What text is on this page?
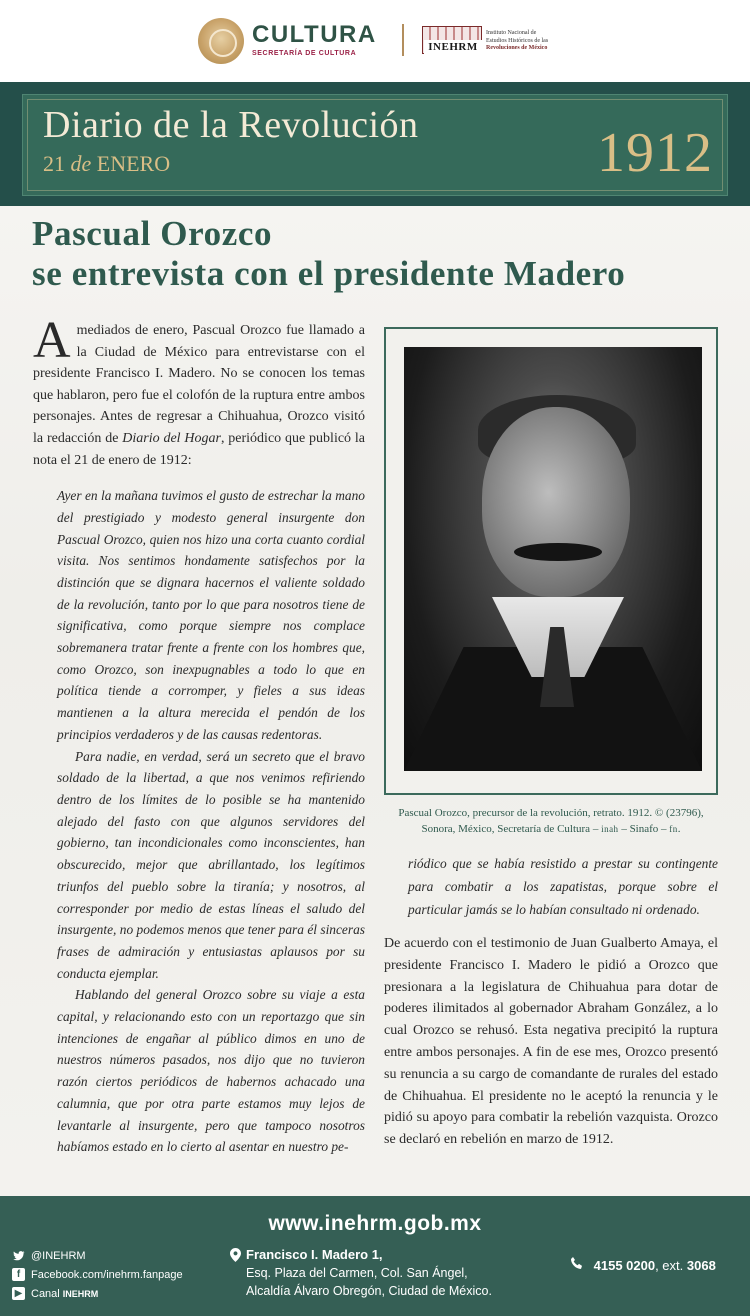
CULTURA
SECRETARÍA DE CULTURA
INEHRM
Instituto Nacional de
Estudios Históricos de las
Revoluciones de México
Diario de la Revolución
21 de ENERO	1912
Pascual Orozco
se entrevista con el presidente Madero

Amediados de enero, Pascual Orozco fue llamado a la Ciudad de México para entrevistarse con el presidente Francisco I. Madero. No se conocen los temas que hablaron, pero fue el colofón de la ruptura entre ambos personajes. Antes de regresar a Chihuahua, Orozco visitó la redacción de Diario del Hogar, periódico que publicó la nota el 21 de enero de 1912:

Ayer en la mañana tuvimos el gusto de estrechar la mano del prestigiado y modesto general insurgente don Pascual Orozco, quien nos hizo una corta cuanto cordial visita. Nos sentimos hondamente satisfechos por la distinción que se dignara hacernos el valiente soldado de la revolución, tanto por lo que para nosotros tiene de significativa, como porque siempre nos complace sobremanera tratar frente a frente con los hombres que, como Orozco, son inexpugnables a todo lo que en política tiende a corromper, y fieles a sus ideas mantienen a la altura merecida el pendón de los principios verdaderos y de las causas redentoras.

Para nadie, en verdad, será un secreto que el bravo soldado de la libertad, a que nos venimos refiriendo dentro de los límites de lo posible se ha mantenido alejado del fasto con que algunos servidores del gobierno, tan incondicionales como inconscientes, han obscurecido, mejor que abrillantado, los legítimos triunfos del pueblo sobre la tiranía; y nosotros, al corresponder por medio de estas líneas el saludo del insurgente, no podemos menos que tener para él sinceras frases de admiración y entusiastas aplausos por su conducta ejemplar.

Hablando del general Orozco sobre su viaje a esta capital, y relacionando esto con un reportazgo que sin intenciones de engañar al público dimos en uno de nuestros números pasados, nos dijo que no tuvieron razón ciertos periódicos de habernos achacado una calumnia, que por otra parte estamos muy lejos de levantarle al insurgente, pero que tampoco nosotros habíamos estado en lo cierto al asentar en nuestro pe-

Pascual Orozco, precursor de la revolución, retrato. 1912. © (23796),
Sonora, México, Secretaría de Cultura – inah – Sinafo – fn.

riódico que se había resistido a prestar su contingente para combatir a los zapatistas, porque sobre el particular jamás se lo habían consultado ni ordenado.

De acuerdo con el testimonio de Juan Gualberto Amaya, el presidente Francisco I. Madero le pidió a Orozco que presionara a la legislatura de Chihuahua para dotar de poderes ilimitados al gobernador Abraham González, a lo cual Orozco se rehusó. Esta negativa precipitó la ruptura entre ambos personajes. A fin de ese mes, Orozco presentó su renuncia a su cargo de comandante de rurales del estado de Chihuahua. El presidente no le aceptó la renuncia y le pidió su apoyo para combatir la rebelión vazquista. Orozco se declaró en rebelión en marzo de 1912.

www.inehrm.gob.mx
@INEHRM
f Facebook.com/inehrm.fanpage
▶ Canal INEHRM
Francisco I. Madero 1,
Esq. Plaza del Carmen, Col. San Ángel,
Alcaldía Álvaro Obregón, Ciudad de México.
4155 0200, ext. 3068
